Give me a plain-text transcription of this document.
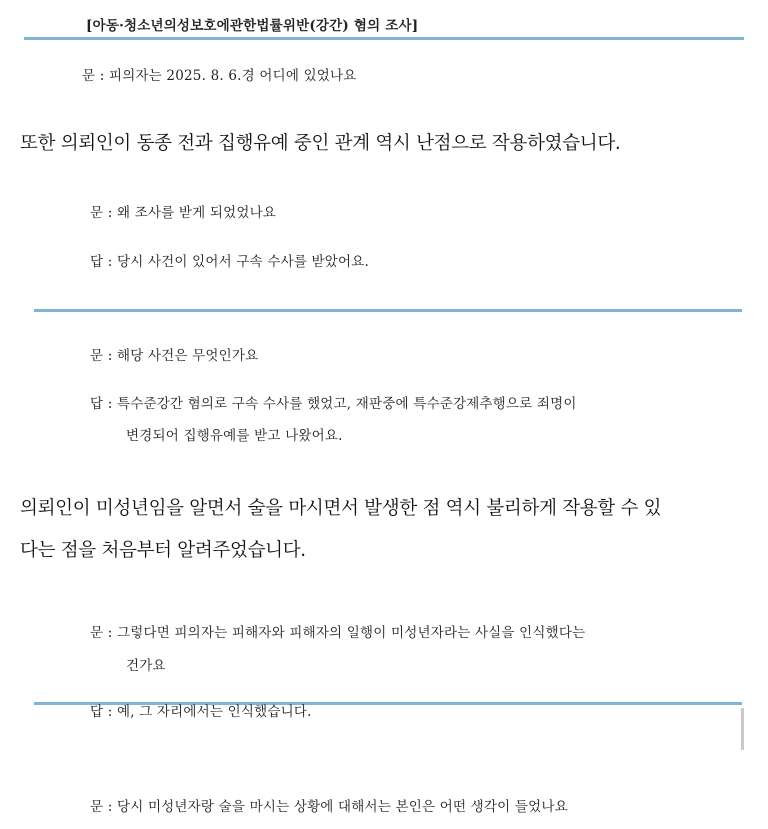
[아동·청소년의성보호에관한법률위반(강간) 혐의 조사]
문 : 피의자는 2025. 8. 6.경 어디에 있었나요
또한 의뢰인이 동종 전과 집행유예 중인 관계 역시 난점으로 작용하였습니다.
문 : 왜 조사를 받게 되었었나요
답 : 당시 사건이 있어서 구속 수사를 받았어요.
문 : 해당 사건은 무엇인가요
답 : 특수준강간 혐의로 구속 수사를 했었고, 재판중에 특수준강제추행으로 죄명이
변경되어 집행유예를 받고 나왔어요.
의뢰인이 미성년임을 알면서 술을 마시면서 발생한 점 역시 불리하게 작용할 수 있
다는 점을 처음부터 알려주었습니다.
문 : 그렇다면 피의자는 피해자와 피해자의 일행이 미성년자라는 사실을 인식했다는
건가요
답 : 예, 그 자리에서는 인식했습니다.
문 : 당시 미성년자랑 술을 마시는 상황에 대해서는 본인은 어떤 생각이 들었나요
